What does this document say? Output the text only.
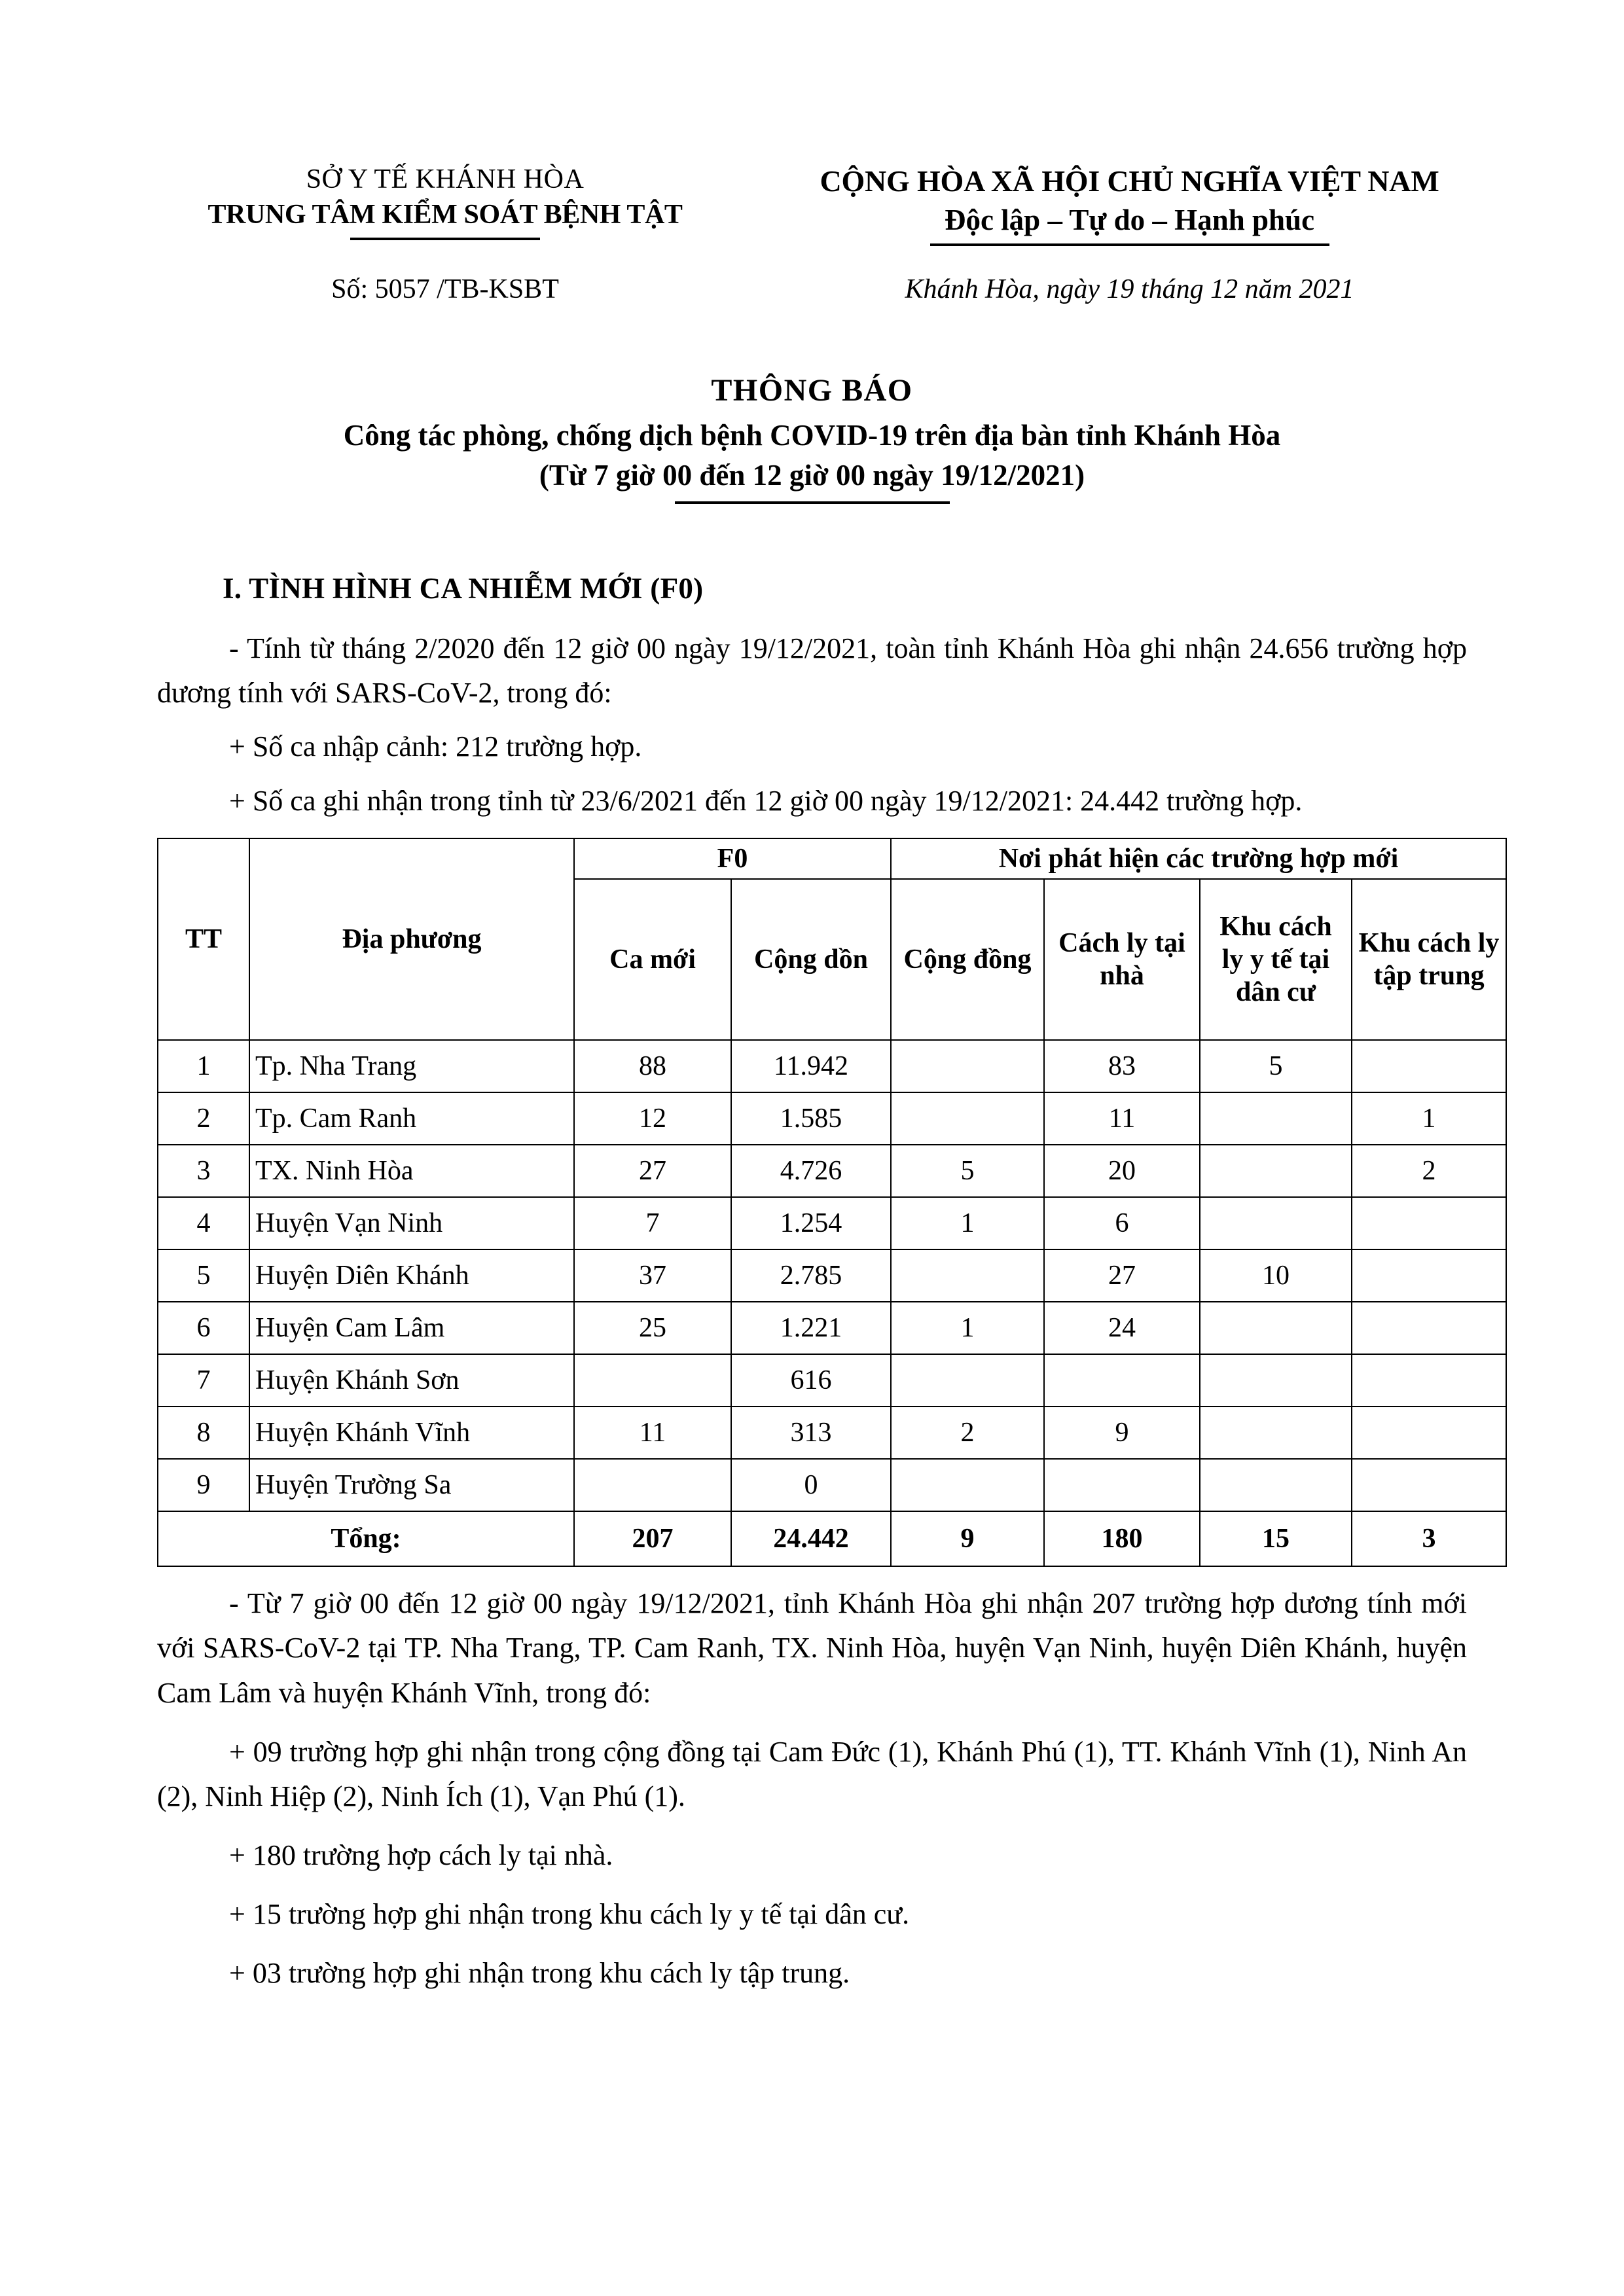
SỞ Y TẾ KHÁNH HÒA
TRUNG TÂM KIỂM SOÁT BỆNH TẬT
CỘNG HÒA XÃ HỘI CHỦ NGHĨA VIỆT NAM
Độc lập – Tự do – Hạnh phúc
Số: 5057 /TB-KSBT	Khánh Hòa, ngày 19 tháng 12 năm 2021
THÔNG BÁO
Công tác phòng, chống dịch bệnh COVID-19 trên địa bàn tỉnh Khánh Hòa
(Từ 7 giờ 00 đến 12 giờ 00 ngày 19/12/2021)
I. TÌNH HÌNH CA NHIỄM MỚI (F0)
- Tính từ tháng 2/2020 đến 12 giờ 00 ngày 19/12/2021, toàn tỉnh Khánh Hòa ghi nhận 24.656 trường hợp dương tính với SARS-CoV-2, trong đó:
+ Số ca nhập cảnh: 212 trường hợp.
+ Số ca ghi nhận trong tỉnh từ 23/6/2021 đến 12 giờ 00 ngày 19/12/2021: 24.442 trường hợp.
TT	Địa phương	F0		Nơi phát hiện các trường hợp mới			
		Ca mới	Cộng dồn	Cộng đồng	Cách ly tại nhà	Khu cách ly y tế tại dân cư	Khu cách ly tập trung
1	Tp. Nha Trang	88	11.942		83	5	
2	Tp. Cam Ranh	12	1.585		11		1
3	TX. Ninh Hòa	27	4.726	5	20		2
4	Huyện Vạn Ninh	7	1.254	1	6		
5	Huyện Diên Khánh	37	2.785		27	10	
6	Huyện Cam Lâm	25	1.221	1	24		
7	Huyện Khánh Sơn		616				
8	Huyện Khánh Vĩnh	11	313	2	9		
9	Huyện Trường Sa		0				
Tổng:		207	24.442	9	180	15	3
- Từ 7 giờ 00 đến 12 giờ 00 ngày 19/12/2021, tỉnh Khánh Hòa ghi nhận 207 trường hợp dương tính mới với SARS-CoV-2 tại TP. Nha Trang, TP. Cam Ranh, TX. Ninh Hòa, huyện Vạn Ninh, huyện Diên Khánh, huyện Cam Lâm và huyện Khánh Vĩnh, trong đó:
+ 09 trường hợp ghi nhận trong cộng đồng tại Cam Đức (1), Khánh Phú (1), TT. Khánh Vĩnh (1), Ninh An (2), Ninh Hiệp (2), Ninh Ích (1), Vạn Phú (1).
+ 180 trường hợp cách ly tại nhà.
+ 15 trường hợp ghi nhận trong khu cách ly y tế tại dân cư.
+ 03 trường hợp ghi nhận trong khu cách ly tập trung.
